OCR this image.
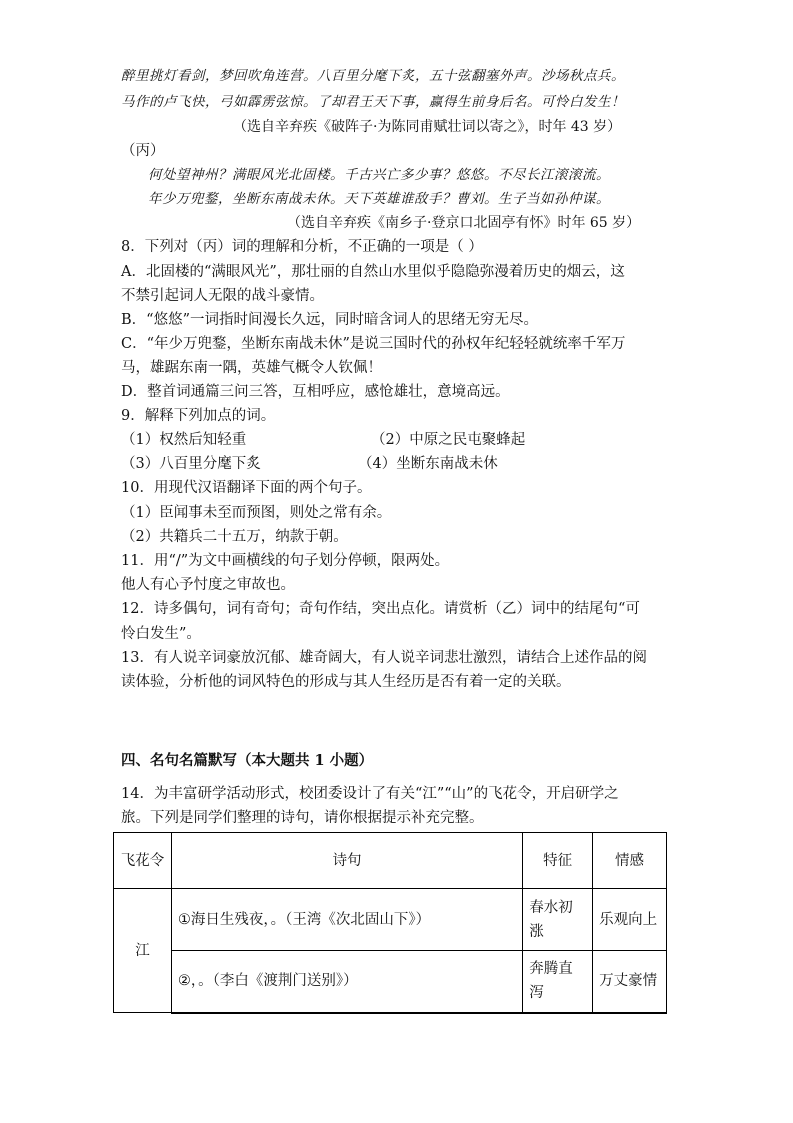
醉里挑灯看剑，梦回吹角连营。八百里分麾下炙，五十弦翻塞外声。沙场秋点兵。
马作的卢飞快，弓如霹雳弦惊。了却君王天下事，赢得生前身后名。可怜白发生！
（选自辛弃疾《破阵子·为陈同甫赋壮词以寄之》，时年 43 岁）
（丙）
何处望神州？满眼风光北固楼。千古兴亡多少事？悠悠。不尽长江滚滚流。
年少万兜鍪，坐断东南战未休。天下英雄谁敌手？曹刘。生子当如孙仲谋。
（选自辛弃疾《南乡子·登京口北固亭有怀》时年 65 岁）
8．下列对（丙）词的理解和分析，不正确的一项是（ ）
A．北固楼的“满眼风光”，那壮丽的自然山水里似乎隐隐弥漫着历史的烟云，这
不禁引起词人无限的战斗豪情。
B．“悠悠”一词指时间漫长久远，同时暗含词人的思绪无穷无尽。
C．“年少万兜鍪，坐断东南战未休”是说三国时代的孙权年纪轻轻就统率千军万
马，雄踞东南一隅，英雄气概令人钦佩！
D．整首词通篇三问三答，互相呼应，感怆雄壮，意境高远。
9．解释下列加点的词。
（1）权然后知轻重	（2）中原之民屯聚蜂起
（3）八百里分麾下炙	（4）坐断东南战未休
10．用现代汉语翻译下面的两个句子。
（1）臣闻事未至而预图，则处之常有余。
（2）共籍兵二十五万，纳款于朝。
11．用“/”为文中画横线的句子划分停顿，限两处。
他人有心予忖度之审故也。
12．诗多偶句，词有奇句；奇句作结，突出点化。请赏析（乙）词中的结尾句“可
怜白发生”。
13．有人说辛词豪放沉郁、雄奇阔大，有人说辛词悲壮激烈，请结合上述作品的阅
读体验，分析他的词风特色的形成与其人生经历是否有着一定的关联。
四、名句名篇默写（本大题共 1 小题）
14．为丰富研学活动形式，校团委设计了有关“江”“山”的飞花令，开启研学之
旅。下列是同学们整理的诗句，请你根据提示补充完整。
飞花令	诗句	特征	情感
江	①海日生残夜，。（王湾《次北固山下》）	春水初涨	乐观向上
	②，。（李白《渡荆门送别》）	奔腾直泻	万丈豪情
